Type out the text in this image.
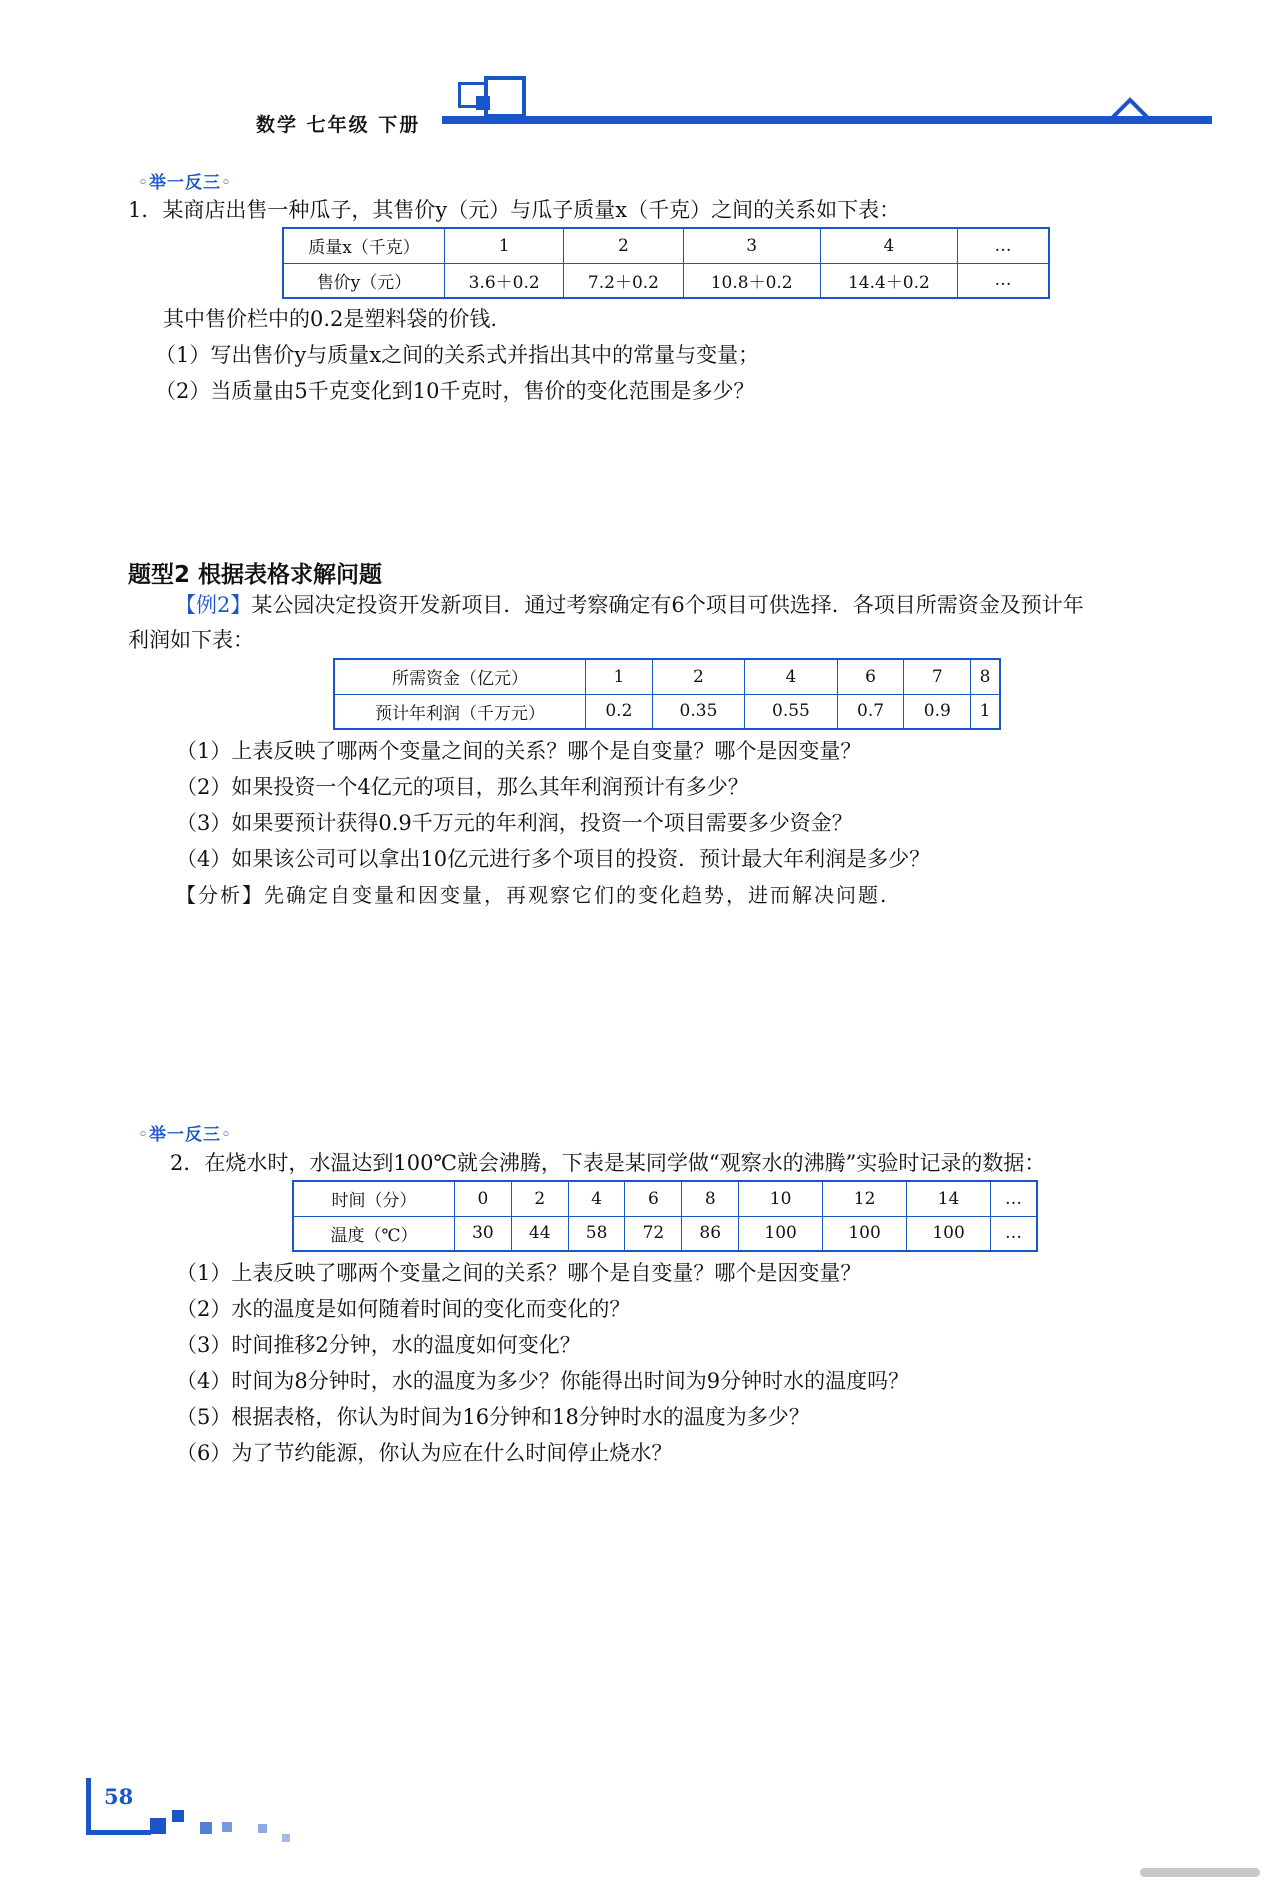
数学 七年级 下册
◦举一反三◦
1．某商店出售一种瓜子，其售价y（元）与瓜子质量x（千克）之间的关系如下表：
质量x（千克）	1	2	3	4	…
售价y（元）	3.6＋0.2	7.2＋0.2	10.8＋0.2	14.4＋0.2	…
其中售价栏中的0.2是塑料袋的价钱.
（1）写出售价y与质量x之间的关系式并指出其中的常量与变量；
（2）当质量由5千克变化到10千克时，售价的变化范围是多少？
题型2 根据表格求解问题
【例2】某公园决定投资开发新项目．通过考察确定有6个项目可供选择．各项目所需资金及预计年
利润如下表：
所需资金（亿元）	1	2	4	6	7	8
预计年利润（千万元）	0.2	0.35	0.55	0.7	0.9	1
（1）上表反映了哪两个变量之间的关系？哪个是自变量？哪个是因变量？
（2）如果投资一个4亿元的项目，那么其年利润预计有多少？
（3）如果要预计获得0.9千万元的年利润，投资一个项目需要多少资金？
（4）如果该公司可以拿出10亿元进行多个项目的投资．预计最大年利润是多少？
【分析】先确定自变量和因变量，再观察它们的变化趋势，进而解决问题.
◦举一反三◦
2．在烧水时，水温达到100℃就会沸腾，下表是某同学做“观察水的沸腾”实验时记录的数据：
时间（分）	0	2	4	6	8	10	12	14	…
温度（℃）	30	44	58	72	86	100	100	100	…
（1）上表反映了哪两个变量之间的关系？哪个是自变量？哪个是因变量？
（2）水的温度是如何随着时间的变化而变化的？
（3）时间推移2分钟，水的温度如何变化？
（4）时间为8分钟时，水的温度为多少？你能得出时间为9分钟时水的温度吗？
（5）根据表格，你认为时间为16分钟和18分钟时水的温度为多少？
（6）为了节约能源，你认为应在什么时间停止烧水？
58
